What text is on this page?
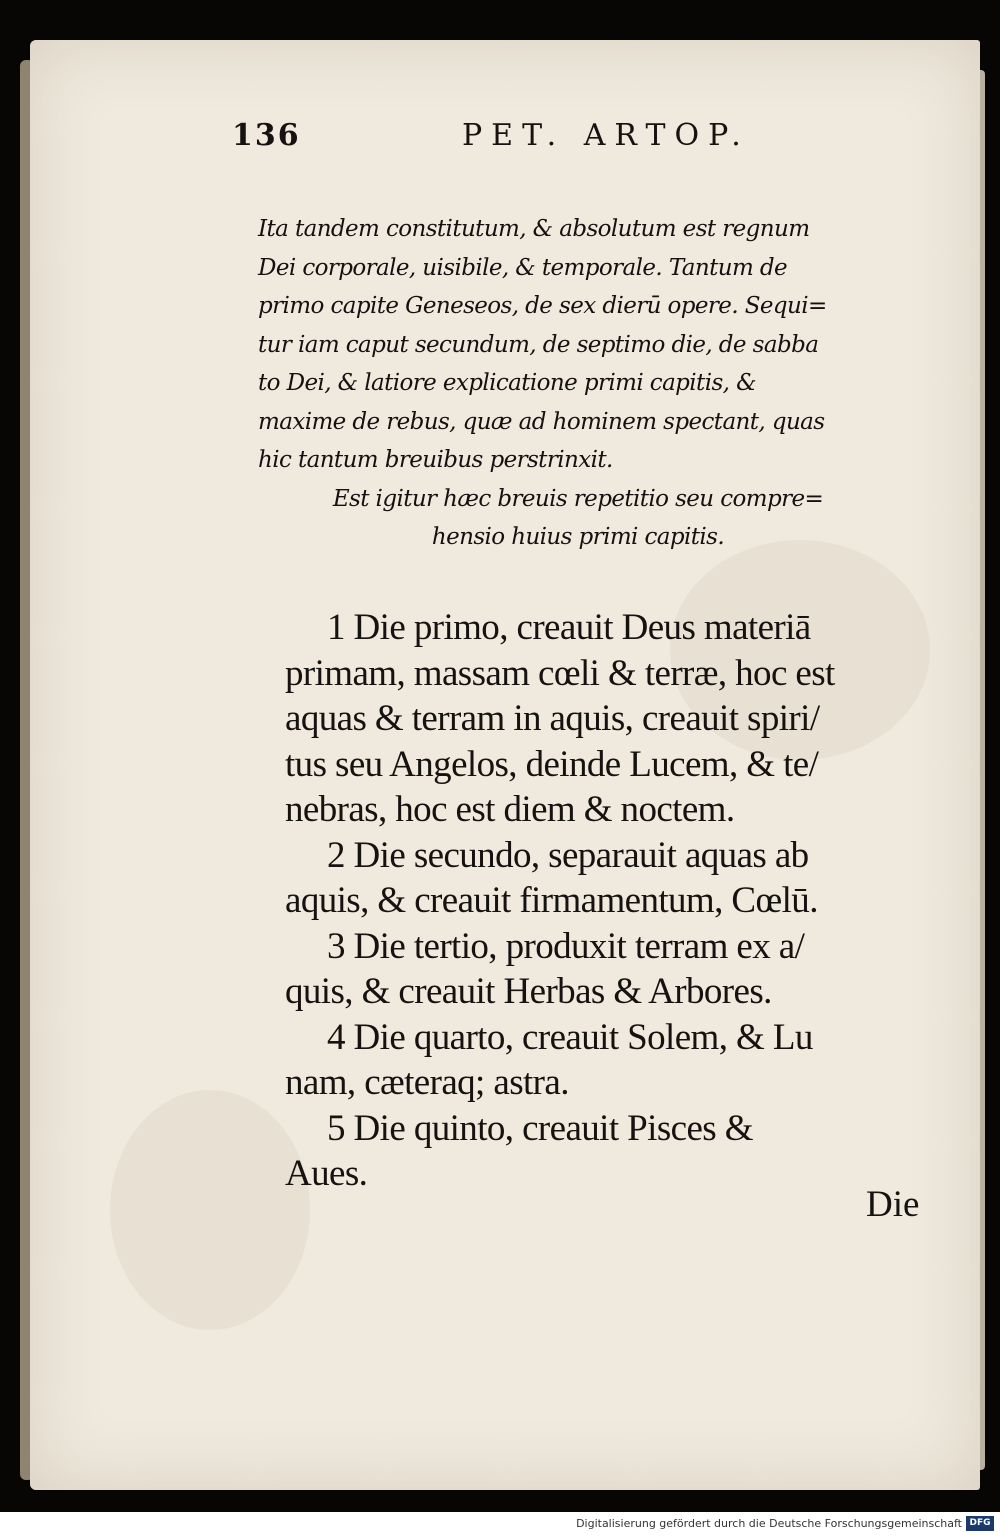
136	PET. ARTOP.
Ita tandem constitutum, & absolutum est regnum
Dei corporale, uisibile, & temporale. Tantum de
primo capite Geneseos, de sex dierū opere. Sequi=
tur iam caput secundum, de septimo die, de sabba
to Dei, & latiore explicatione primi capitis, &
maxime de rebus, quæ ad hominem spectant, quas
hic tantum breuibus perstrinxit.
Est igitur hæc breuis repetitio seu compre=
hensio huius primi capitis.
1 Die primo, creauit Deus materiā
primam, massam cœli & terræ, hoc est
aquas & terram in aquis, creauit spiri/
tus seu Angelos, deinde Lucem, & te/
nebras, hoc est diem & noctem.
2 Die secundo, separauit aquas ab
aquis, & creauit firmamentum, Cœlū.
3 Die tertio, produxit terram ex a/
quis, & creauit Herbas & Arbores.
4 Die quarto, creauit Solem, & Lu
nam, cæteraq; astra.
5 Die quinto, creauit Pisces &
Aues.
Die
Digitalisierung gefördert durch die Deutsche Forschungsgemeinschaft DFG
